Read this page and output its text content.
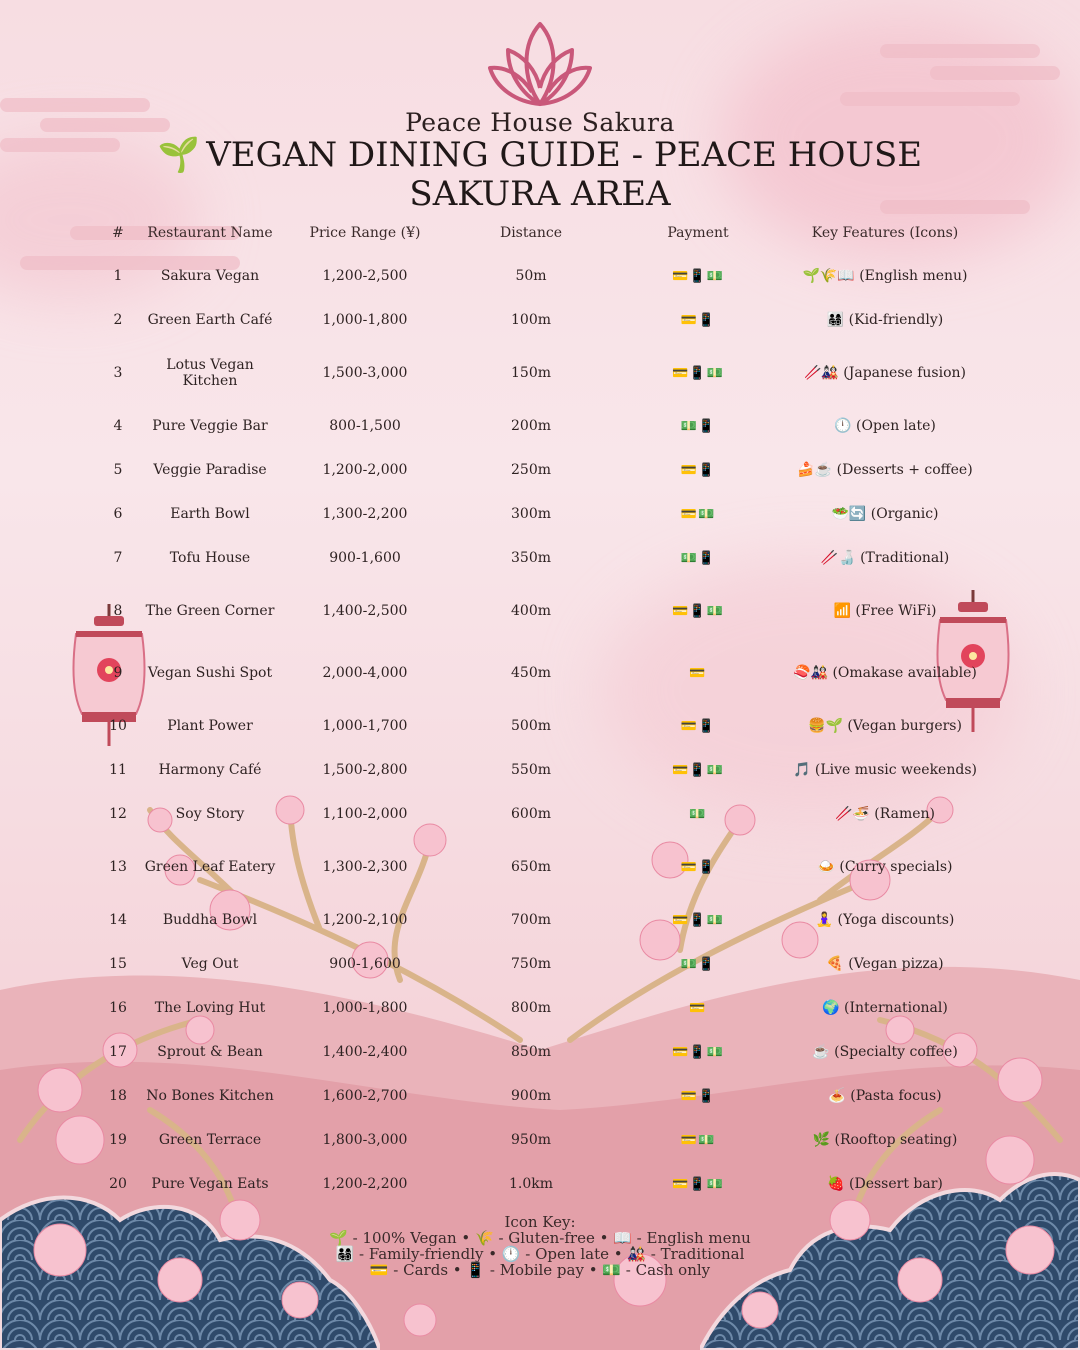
Peace House Sakura
🌱 VEGAN DINING GUIDE - PEACE HOUSE SAKURA AREA
#	Restaurant Name	Price Range (¥)	Distance	Payment	Key Features (Icons)
1	Sakura Vegan	1,200-2,500	50m	💳📱💵	🌱🌾📖 (English menu)
2	Green Earth Café	1,000-1,800	100m	💳📱	👨‍👩‍👧‍👦 (Kid-friendly)
3	Lotus Vegan Kitchen	1,500-3,000	150m	💳📱💵	🥢🎎 (Japanese fusion)
4	Pure Veggie Bar	800-1,500	200m	💵📱	🕛 (Open late)
5	Veggie Paradise	1,200-2,000	250m	💳📱	🍰☕ (Desserts + coffee)
6	Earth Bowl	1,300-2,200	300m	💳💵	🥗🔄 (Organic)
7	Tofu House	900-1,600	350m	💵📱	🥢🍶 (Traditional)
8	The Green Corner	1,400-2,500	400m	💳📱💵	📶 (Free WiFi)
9	Vegan Sushi Spot	2,000-4,000	450m	💳	🍣🎎 (Omakase available)
10	Plant Power	1,000-1,700	500m	💳📱	🍔🌱 (Vegan burgers)
11	Harmony Café	1,500-2,800	550m	💳📱💵	🎵 (Live music weekends)
12	Soy Story	1,100-2,000	600m	💵	🥢🍜 (Ramen)
13	Green Leaf Eatery	1,300-2,300	650m	💳📱	🍛 (Curry specials)
14	Buddha Bowl	1,200-2,100	700m	💳📱💵	🧘‍♀️ (Yoga discounts)
15	Veg Out	900-1,600	750m	💵📱	🍕 (Vegan pizza)
16	The Loving Hut	1,000-1,800	800m	💳	🌍 (International)
17	Sprout & Bean	1,400-2,400	850m	💳📱💵	☕ (Specialty coffee)
18	No Bones Kitchen	1,600-2,700	900m	💳📱	🍝 (Pasta focus)
19	Green Terrace	1,800-3,000	950m	💳💵	🌿 (Rooftop seating)
20	Pure Vegan Eats	1,200-2,200	1.0km	💳📱💵	🍓 (Dessert bar)
Icon Key:
🌱 - 100% Vegan • 🌾 - Gluten-free • 📖 - English menu
👨‍👩‍👧‍👦 - Family-friendly • 🕛 - Open late • 🎎 - Traditional
💳 - Cards • 📱 - Mobile pay • 💵 - Cash only
